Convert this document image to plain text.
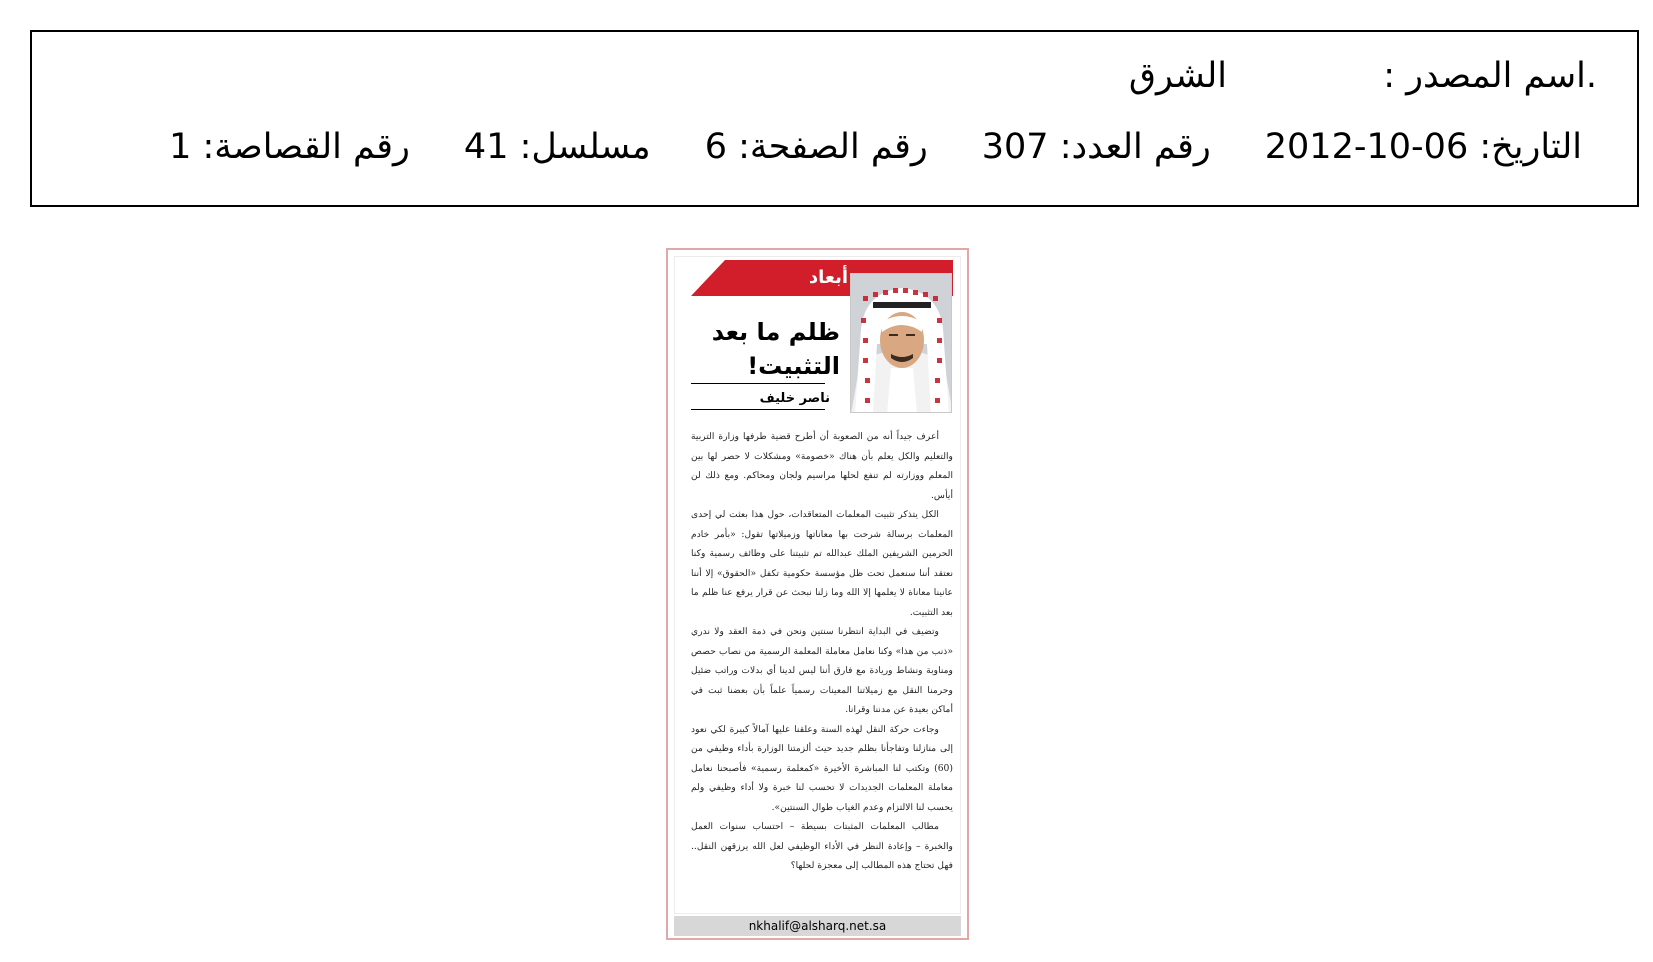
.اسم المصدر :
الشرق
التاريخ: 06-10-2012
رقم العدد: 307
رقم الصفحة: 6
مسلسل: 41
رقم القصاصة: 1
أبعاد
ظلم ما بعد التثبيت!
ناصر خليف

أعرف جيداً أنه من الصعوبة أن أطرح قضية طرفها وزارة التربية والتعليم والكل يعلم بأن هناك «خصومة» ومشكلات لا حصر لها بين المعلم ووزارته لم تنفع لحلها مراسيم ولجان ومحاكم. ومع ذلك لن أيأس.

الكل يتذكر تثبيت المعلمات المتعاقدات، حول هذا بعثت لي إحدى المعلمات برسالة شرحت بها معاناتها وزميلاتها تقول: «بأمر خادم الحرمين الشريفين الملك عبدالله تم تثبيتنا على وظائف رسمية وكنا نعتقد أننا سنعمل تحت ظل مؤسسة حكومية تكفل «الحقوق» إلا أننا عانينا معاناة لا يعلمها إلا الله وما زلنا نبحث عن قرار يرفع عنا ظلم ما بعد التثبيت.

وتضيف في البداية انتظرنا سنتين ونحن في ذمة العقد ولا ندري «ذنب من هذا» وكنا نعامل معاملة المعلمة الرسمية من نصاب حصص ومناوبة ونشاط وريادة مع فارق أننا ليس لدينا أي بدلات وراتب ضئيل وحرمنا النقل مع زميلاتنا المعينات رسمياً علماً بأن بعضنا ثبت في أماكن بعيدة عن مدننا وقرانا.

وجاءت حركة النقل لهذه السنة وعلقنا عليها آمالاً كبيرة لكي نعود إلى منازلنا وتفاجأنا بظلم جديد حيث ألزمتنا الوزارة بأداء وظيفي من (60) وتكتب لنا المباشرة الأخيرة «كمعلمة رسمية» فأصبحنا نعامل معاملة المعلمات الجديدات لا تحسب لنا خبرة ولا أداء وظيفي ولم يحسب لنا الالتزام وعدم الغياب طوال السنتين».

مطالب المعلمات المثبتات بسيطة – احتساب سنوات العمل والخبرة – وإعادة النظر في الأداء الوظيفي لعل الله يرزقهن النقل.. فهل تحتاج هذه المطالب إلى معجزة لحلها؟

nkhalif@alsharq.net.sa
